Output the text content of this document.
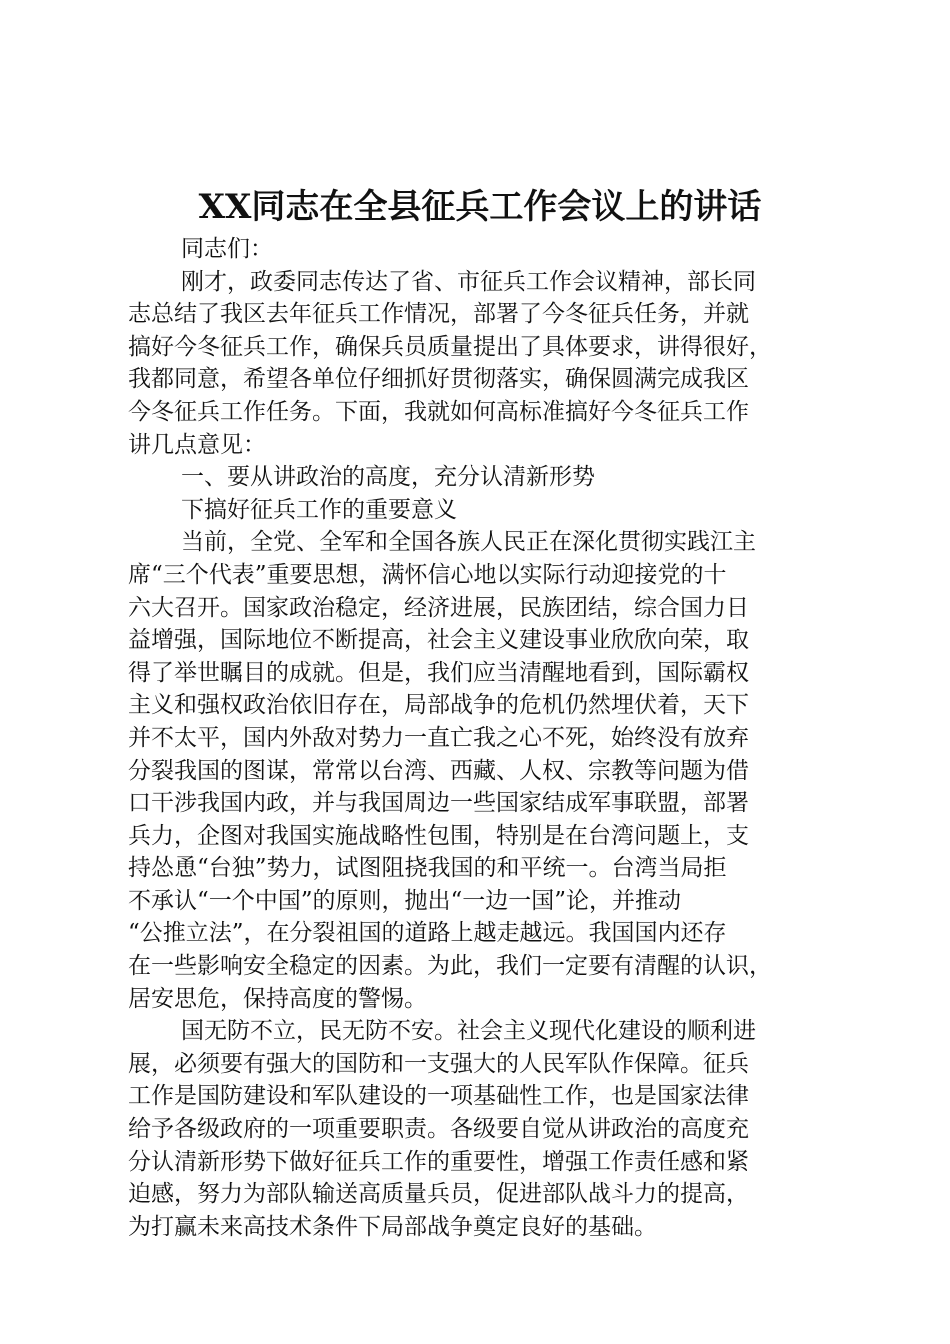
XX同志在全县征兵工作会议上的讲话
同志们：
刚才，政委同志传达了省、市征兵工作会议精神，部长同
志总结了我区去年征兵工作情况，部署了今冬征兵任务，并就
搞好今冬征兵工作，确保兵员质量提出了具体要求，讲得很好，
我都同意，希望各单位仔细抓好贯彻落实，确保圆满完成我区
今冬征兵工作任务。下面，我就如何高标准搞好今冬征兵工作
讲几点意见：
一、要从讲政治的高度，充分认清新形势
下搞好征兵工作的重要意义
当前，全党、全军和全国各族人民正在深化贯彻实践江主
席“三个代表”重要思想，满怀信心地以实际行动迎接党的十
六大召开。国家政治稳定，经济进展，民族团结，综合国力日
益增强，国际地位不断提高，社会主义建设事业欣欣向荣，取
得了举世瞩目的成就。但是，我们应当清醒地看到，国际霸权
主义和强权政治依旧存在，局部战争的危机仍然埋伏着，天下
并不太平，国内外敌对势力一直亡我之心不死，始终没有放弃
分裂我国的图谋，常常以台湾、西藏、人权、宗教等问题为借
口干涉我国内政，并与我国周边一些国家结成军事联盟，部署
兵力，企图对我国实施战略性包围，特别是在台湾问题上，支
持怂恿“台独”势力，试图阻挠我国的和平统一。台湾当局拒
不承认“一个中国”的原则，抛出“一边一国”论，并推动
“公推立法”，在分裂祖国的道路上越走越远。我国国内还存
在一些影响安全稳定的因素。为此，我们一定要有清醒的认识，
居安思危，保持高度的警惕。
国无防不立，民无防不安。社会主义现代化建设的顺利进
展，必须要有强大的国防和一支强大的人民军队作保障。征兵
工作是国防建设和军队建设的一项基础性工作，也是国家法律
给予各级政府的一项重要职责。各级要自觉从讲政治的高度充
分认清新形势下做好征兵工作的重要性，增强工作责任感和紧
迫感，努力为部队输送高质量兵员，促进部队战斗力的提高，
为打赢未来高技术条件下局部战争奠定良好的基础。
